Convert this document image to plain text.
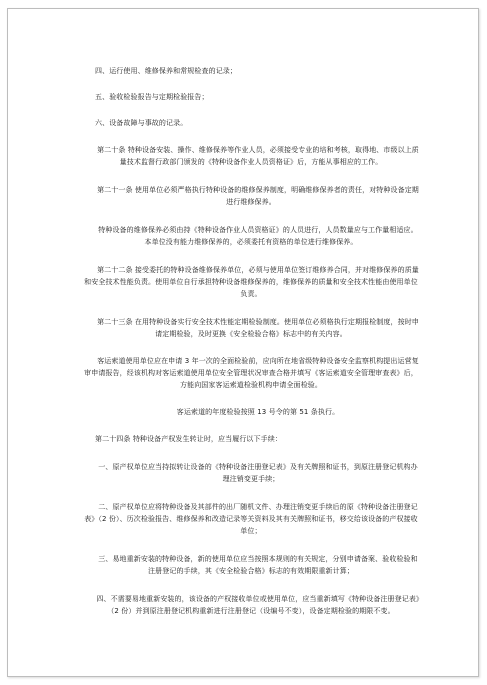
四、运行使用、维修保养和常规检查的记录；

五、验收检验报告与定期检验报告；

六、设备故障与事故的记录。

第二十条 特种设备安装、操作、维修保养等作业人员，必须接受专业的培和考核，取得地、市级以上质量技术监督行政部门颁发的《特种设备作业人员资格证》后，方能从事相应的工作。

第二十一条 使用单位必须严格执行特种设备的维修保养制度，明确维修保养者的责任，对特种设备定期进行维修保养。

特种设备的维修保养必须由持《特种设备作业人员资格证》的人员进行，人员数量应与工作量相适应。本单位没有能力维修保养的，必须委托有资格的单位进行维修保养。

第二十二条 接受委托的特种设备维修保养单位，必须与使用单位签订维修养合同，并对维修保养的质量和安全技术性能负责。使用单位自行承担特种设备维修保养的，维修保养的质量和安全技术性能由使用单位负责。

第二十三条 在用特种设备实行安全技术性能定期检验制度。使用单位必须格执行定期报检制度，按时申请定期检验，及时更换《安全检验合格》标志中的有关内容。

客运索道使用单位应在申请 3 年一次的全面检验前，应向所在地省级特种设备安全监察机构提出运营复审申请报告，经该机构对客运索道使用单位安全管理状况审查合格并填写《客运索道安全管理审查表》后，方能向国家客运索道检验机构申请全面检验。

客运索道的年度检验按照 13 号令的第 51 条执行。

第二十四条 特种设备产权发生转让时，应当履行以下手续：

一、原产权单位应当持拟转让设备的《特种设备注册登记表》及有关牌照和证书，到原注册登记机构办理注销变更手续；

二、原产权单位应将特种设备及其部件的出厂随机文件、办理注销变更手续后的原《特种设备注册登记表》（2 份）、历次检验报告、维修保养和改造记录等关资料及其有关牌照和证书，移交给该设备的产权接收单位；

三、易地重新安装的特种设备，新的使用单位应当按照本规则的有关规定，分别申请备案、验收检验和注册登记的手续，其《安全检验合格》标志的有效期限重新计算；

四、不需要易地重新安装的，该设备的产权接收单位或使用单位，应当重新填写《特种设备注册登记表》（2 份）并到原注册登记机构重新进行注册登记（设编号不变），设备定期检验的期限不变。
